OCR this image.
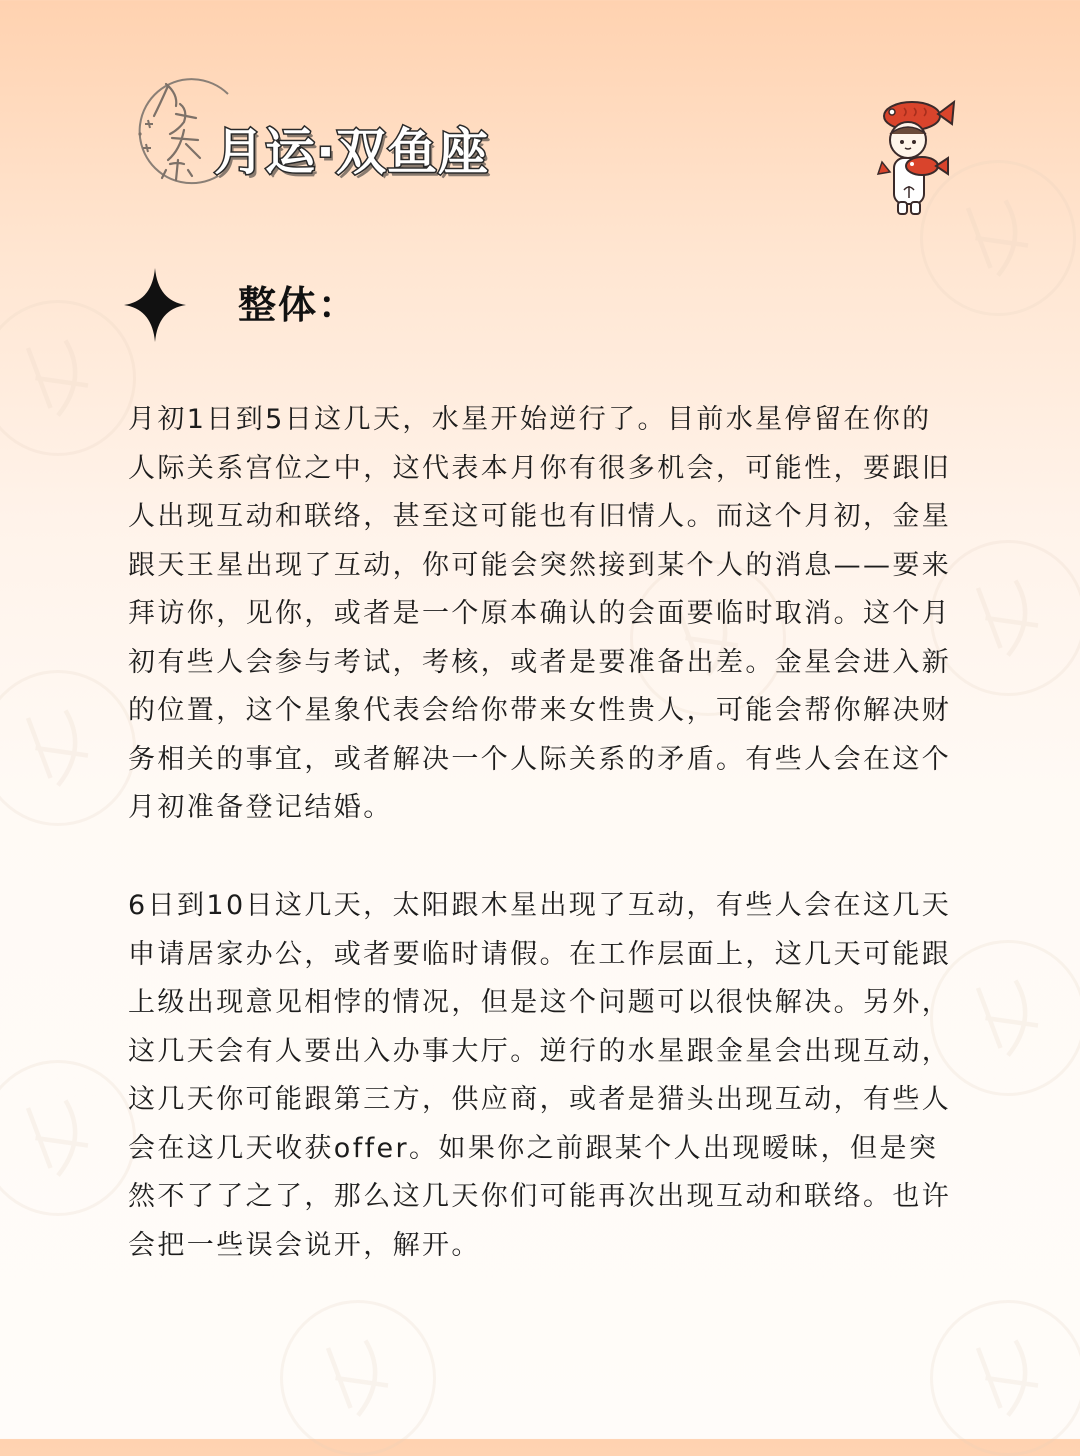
月运·双鱼座
整体：

月初1日到5日这几天，水星开始逆行了。目前水星停留在你的人际关系宫位之中，这代表本月你有很多机会，可能性，要跟旧人出现互动和联络，甚至这可能也有旧情人。而这个月初，金星跟天王星出现了互动，你可能会突然接到某个人的消息——要来拜访你，见你，或者是一个原本确认的会面要临时取消。这个月初有些人会参与考试，考核，或者是要准备出差。金星会进入新的位置，这个星象代表会给你带来女性贵人，可能会帮你解决财务相关的事宜，或者解决一个人际关系的矛盾。有些人会在这个月初准备登记结婚。

6日到10日这几天，太阳跟木星出现了互动，有些人会在这几天申请居家办公，或者要临时请假。在工作层面上，这几天可能跟上级出现意见相悖的情况，但是这个问题可以很快解决。另外，这几天会有人要出入办事大厅。逆行的水星跟金星会出现互动，这几天你可能跟第三方，供应商，或者是猎头出现互动，有些人会在这几天收获offer。如果你之前跟某个人出现暧昧，但是突然不了了之了，那么这几天你们可能再次出现互动和联络。也许会把一些误会说开，解开。
